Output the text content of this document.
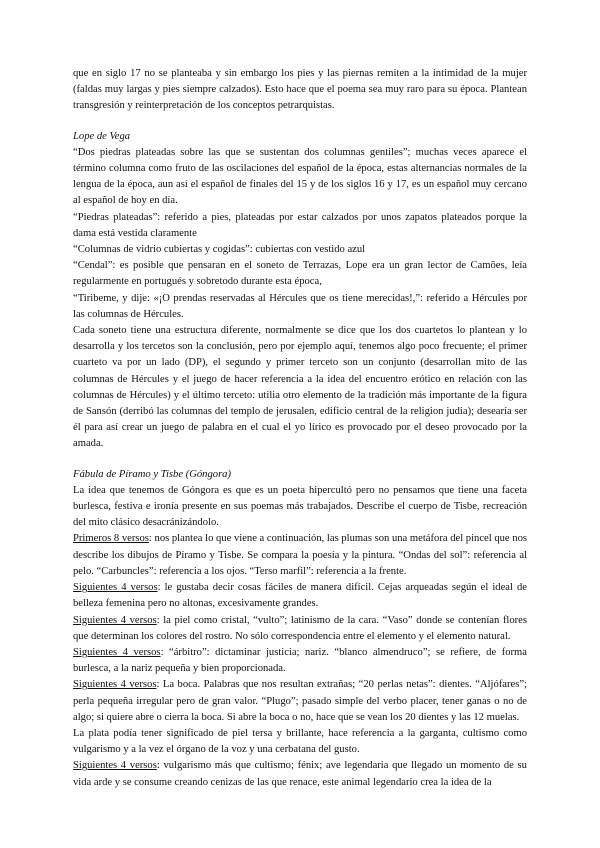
que en siglo 17 no se planteaba y sin embargo los pies y las piernas remiten a la intimidad de la mujer (faldas muy largas y pies siempre calzados). Esto hace que el poema sea muy raro para su época. Plantean transgresión y reinterpretación de los conceptos petrarquistas.

Lope de Vega

“Dos piedras plateadas sobre las que se sustentan dos columnas gentiles”; muchas veces aparece el término columna como fruto de las oscilaciones del español de la época, estas alternancias normales de la lengua de la época, aun así el español de finales del 15 y de los siglos 16 y 17, es un español muy cercano al español de hoy en día.

“Piedras plateadas”: referido a pies, plateadas por estar calzados por unos zapatos plateados porque la dama está vestida claramente

“Columnas de vidrio cubiertas y cogidas”: cubiertas con vestido azul

“Cendal”: es posible que pensaran en el soneto de Terrazas, Lope era un gran lector de Camões, leía regularmente en portugués y sobretodo durante esta época,

“Tiribeme, y dije: «¡O prendas reservadas al Hércules que os tiene merecidas!,”: referido a Hércules por las columnas de Hércules.

Cada soneto tiene una estructura diferente, normalmente se dice que los dos cuartetos lo plantean y lo desarrolla y los tercetos son la conclusión, pero por ejemplo aquí, tenemos algo poco frecuente; el primer cuarteto va por un lado (DP), el segundo y primer terceto son un conjunto (desarrollan mito de las columnas de Hércules y el juego de hacer referencia a la idea del encuentro erótico en relación con las columnas de Hércules) y el último terceto: utilia otro elemento de la tradición más importante de la figura de Sansón (derribó las columnas del templo de jerusalen, edificio central de la religion judia); desearía ser él para así crear un juego de palabra en el cual el yo lírico es provocado por el deseo provocado por la amada.

Fábula de Píramo y Tisbe (Góngora)

La idea que tenemos de Góngora es que es un poeta hipercultó pero no pensamos que tiene una faceta burlesca, festiva e ironía presente en sus poemas más trabajados. Describe el cuerpo de Tisbe, recreación del mito clásico desacránizándolo.

Primeros 8 versos: nos plantea lo que viene a continuación, las plumas son una metáfora del pincel que nos describe los dibujos de Píramo y Tisbe. Se compara la poesía y la pintura. “Ondas del sol”: referencia al pelo. “Carbuncles”: referencia a los ojos. “Terso marfil”: referencia a la frente.

Siguientes 4 versos: le gustaba decir cosas fáciles de manera difícil. Cejas arqueadas según el ideal de belleza femenina pero no altonas, excesivamente grandes.

Siguientes 4 versos: la piel como cristal, “vulto”; latinismo de la cara. “Vaso” donde se contenían flores que determinan los colores del rostro. No sólo correspondencia entre el elemento y el elemento natural.

Siguientes 4 versos: “árbitro”: dictaminar justicia; nariz. “blanco almendruco”; se refiere, de forma burlesca, a la nariz pequeña y bien proporcionada.

Siguientes 4 versos: La boca. Palabras que nos resultan extrañas; “20 perlas netas”: dientes. “Aljófares”; perla pequeña irregular pero de gran valor. “Plugo”; pasado simple del verbo placer, tener ganas o no de algo; si quiere abre o cierra la boca. Si abre la boca o no, hace que se vean los 20 dientes y las 12 muelas.

La plata podía tener significado de piel tersa y brillante, hace referencia a la garganta, cultismo como vulgarismo y a la vez el órgano de la voz y una cerbatana del gusto.

Siguientes 4 versos: vulgarismo más que cultismo; fénix; ave legendaria que llegado un momento de su vida arde y se consume creando cenizas de las que renace, este animal legendario crea la idea de la
